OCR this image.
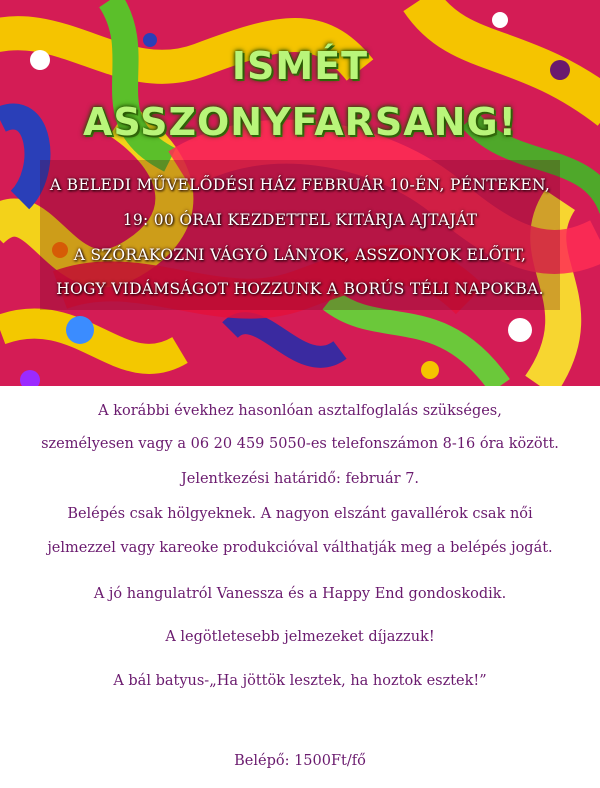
ISMÉT
ASSZONYFARSANG!
A BELEDI MŰVELŐDÉSI HÁZ FEBRUÁR 10-ÉN, PÉNTEKEN,
19: 00 ÓRAI KEZDETTEL KITÁRJA AJTAJÁT
A SZÓRAKOZNI VÁGYÓ LÁNYOK, ASSZONYOK ELŐTT,
HOGY VIDÁMSÁGOT HOZZUNK A BORÚS TÉLI NAPOKBA.
A korábbi évekhez hasonlóan asztalfoglalás szükséges,
személyesen vagy a 06 20 459 5050-es telefonszámon 8-16 óra között.
Jelentkezési határidő: február 7.
Belépés csak hölgyeknek. A nagyon elszánt gavallérok csak női
jelmezzel vagy kareoke produkcióval válthatják meg a belépés jogát.
A jó hangulatról Vanessza és a Happy End gondoskodik.
A legötletesebb jelmezeket díjazzuk!
A bál batyus-„Ha jöttök lesztek, ha hoztok esztek!”
Belépő: 1500Ft/fő
